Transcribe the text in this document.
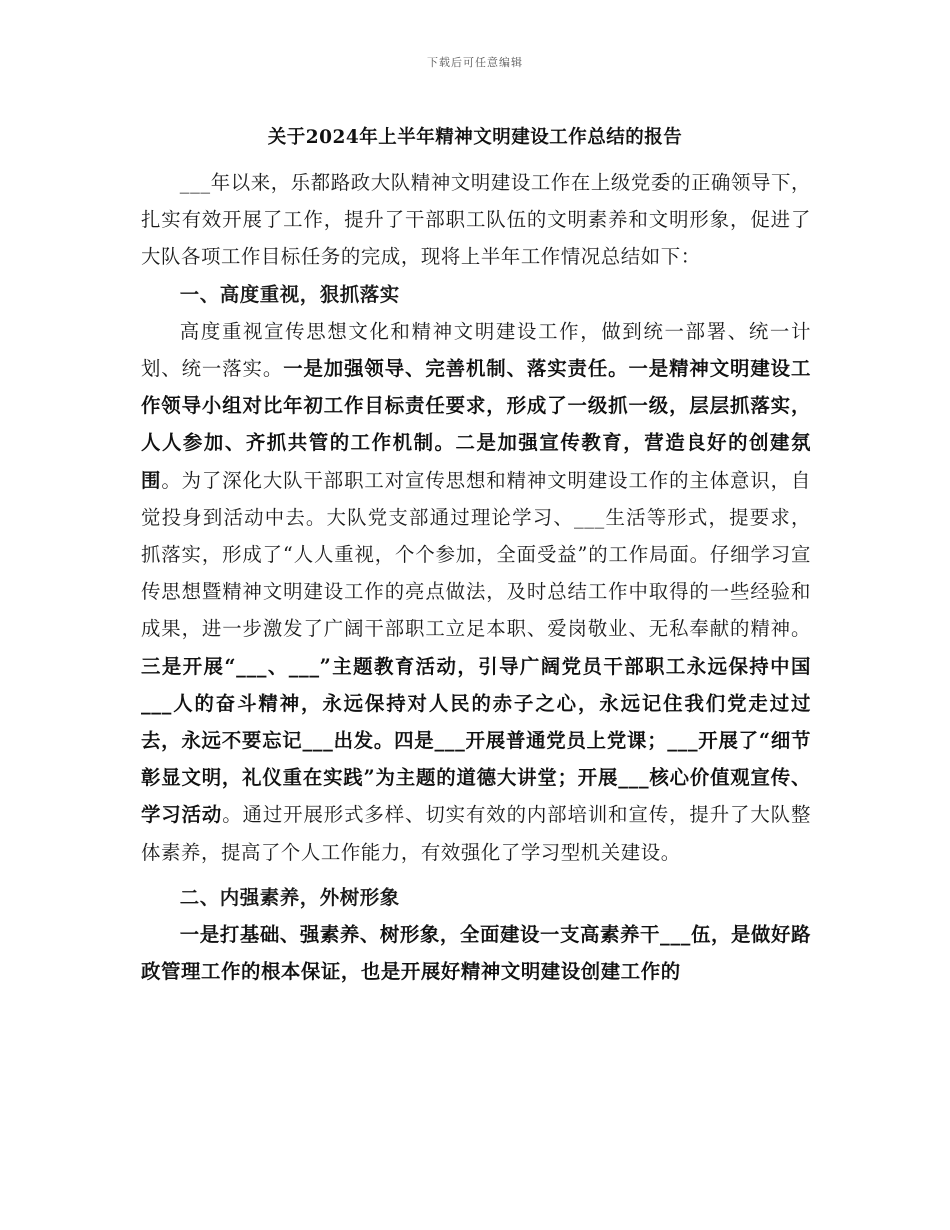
下载后可任意编辑
关于2024年上半年精神文明建设工作总结的报告

___年以来，乐都路政大队精神文明建设工作在上级党委的正确领导下，扎实有效开展了工作，提升了干部职工队伍的文明素养和文明形象，促进了大队各项工作目标任务的完成，现将上半年工作情况总结如下：

一、高度重视，狠抓落实

高度重视宣传思想文化和精神文明建设工作，做到统一部署、统一计划、统一落实。一是加强领导、完善机制、落实责任。一是精神文明建设工作领导小组对比年初工作目标责任要求，形成了一级抓一级，层层抓落实，人人参加、齐抓共管的工作机制。二是加强宣传教育，营造良好的创建氛围。为了深化大队干部职工对宣传思想和精神文明建设工作的主体意识，自觉投身到活动中去。大队党支部通过理论学习、___生活等形式，提要求，抓落实，形成了“人人重视，个个参加，全面受益”的工作局面。仔细学习宣传思想暨精神文明建设工作的亮点做法，及时总结工作中取得的一些经验和成果，进一步激发了广阔干部职工立足本职、爱岗敬业、无私奉献的精神。三是开展“___、___”主题教育活动，引导广阔党员干部职工永远保持中国___人的奋斗精神，永远保持对人民的赤子之心，永远记住我们党走过过去，永远不要忘记___出发。四是___开展普通党员上党课；___开展了“细节彰显文明，礼仪重在实践”为主题的道德大讲堂；开展___核心价值观宣传、学习活动。通过开展形式多样、切实有效的内部培训和宣传，提升了大队整体素养，提高了个人工作能力，有效强化了学习型机关建设。

二、内强素养，外树形象

一是打基础、强素养、树形象，全面建设一支高素养干___伍，是做好路政管理工作的根本保证，也是开展好精神文明建设创建工作的
